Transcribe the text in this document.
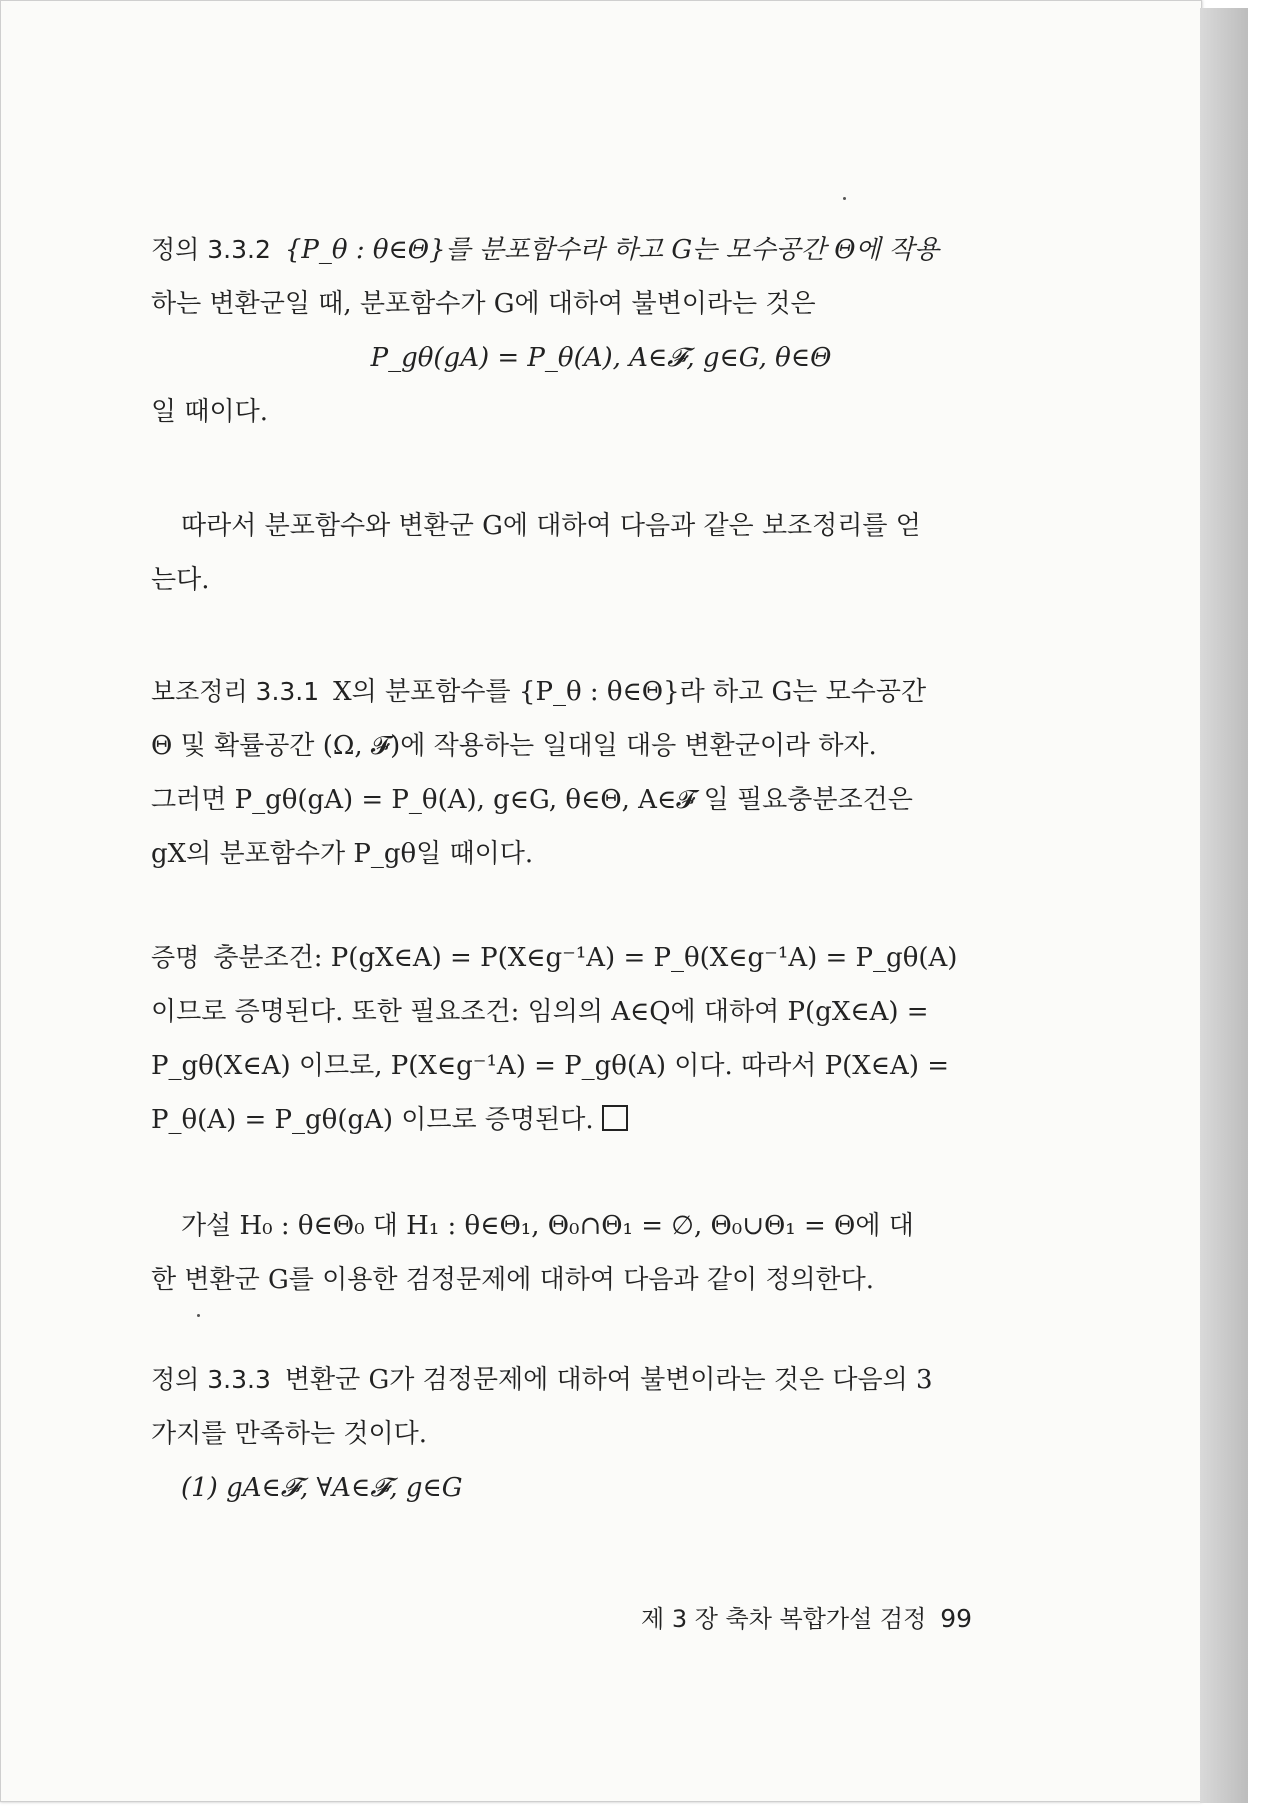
정의 3.3.2 {P_θ : θ∈Θ}를 분포함수라 하고 G는 모수공간 Θ에 작용
하는 변환군일 때, 분포함수가 G에 대하여 불변이라는 것은
P_gθ(gA) = P_θ(A), A∈𝓕, g∈G, θ∈Θ
일 때이다.
따라서 분포함수와 변환군 G에 대하여 다음과 같은 보조정리를 얻
는다.
보조정리 3.3.1 X의 분포함수를 {P_θ : θ∈Θ}라 하고 G는 모수공간
Θ 및 확률공간 (Ω, 𝓕)에 작용하는 일대일 대응 변환군이라 하자.
그러면 P_gθ(gA) = P_θ(A), g∈G, θ∈Θ, A∈𝓕 일 필요충분조건은
gX의 분포함수가 P_gθ일 때이다.
증명 충분조건: P(gX∈A) = P(X∈g⁻¹A) = P_θ(X∈g⁻¹A) = P_gθ(A)
이므로 증명된다. 또한 필요조건: 임의의 A∈Q에 대하여 P(gX∈A) =
P_gθ(X∈A) 이므로, P(X∈g⁻¹A) = P_gθ(A) 이다. 따라서 P(X∈A) =
P_θ(A) = P_gθ(gA) 이므로 증명된다.
가설 H₀ : θ∈Θ₀ 대 H₁ : θ∈Θ₁, Θ₀∩Θ₁ = ∅, Θ₀∪Θ₁ = Θ에 대
한 변환군 G를 이용한 검정문제에 대하여 다음과 같이 정의한다.
정의 3.3.3 변환군 G가 검정문제에 대하여 불변이라는 것은 다음의 3
가지를 만족하는 것이다.
(1) gA∈𝓕, ∀A∈𝓕, g∈G
제 3 장 축차 복합가설 검정 99
